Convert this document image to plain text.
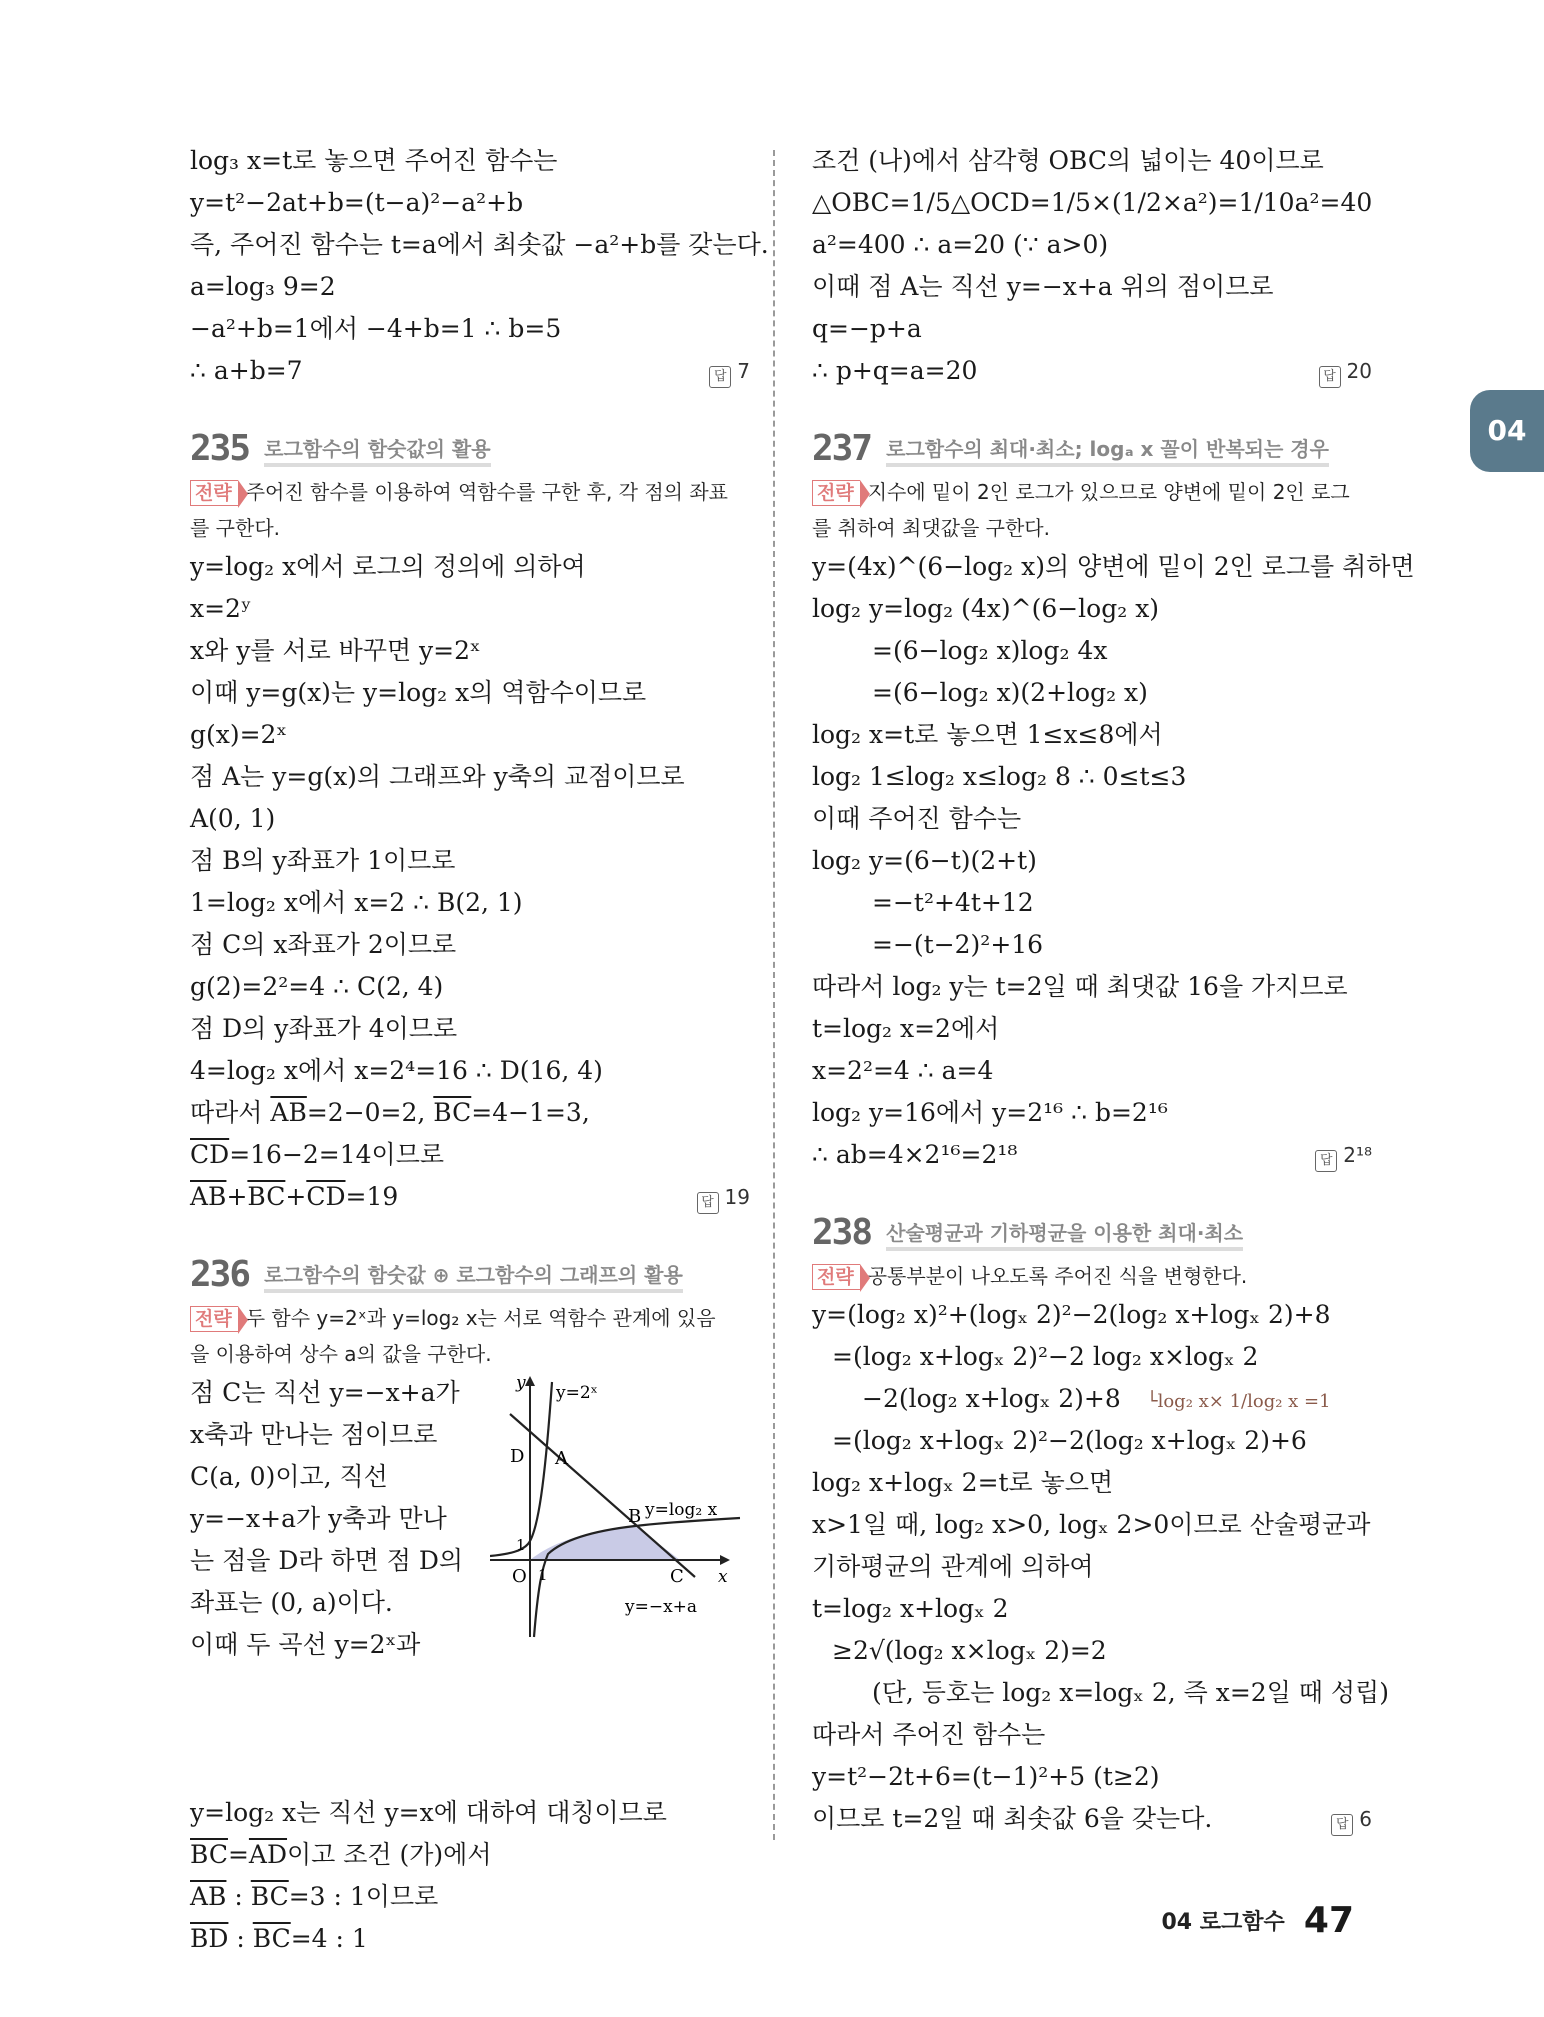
04
log₃ x=t로 놓으면 주어진 함수는
y=t²−2at+b=(t−a)²−a²+b
즉, 주어진 함수는 t=a에서 최솟값 −a²+b를 갖는다.
a=log₃ 9=2
−a²+b=1에서 −4+b=1 ∴ b=5
∴ a+b=7	답 7
235 로그함수의 함숫값의 활용
전략 주어진 함수를 이용하여 역함수를 구한 후, 각 점의 좌표
를 구한다.
y=log₂ x에서 로그의 정의에 의하여
x=2ʸ
x와 y를 서로 바꾸면 y=2ˣ
이때 y=g(x)는 y=log₂ x의 역함수이므로
g(x)=2ˣ
점 A는 y=g(x)의 그래프와 y축의 교점이므로
A(0, 1)
점 B의 y좌표가 1이므로
1=log₂ x에서 x=2 ∴ B(2, 1)
점 C의 x좌표가 2이므로
g(2)=2²=4 ∴ C(2, 4)
점 D의 y좌표가 4이므로
4=log₂ x에서 x=2⁴=16 ∴ D(16, 4)
따라서 $\overline{AB}=2-0=2$, $\overline{BC}=4-1=3$,
$\overline{CD}=16-2=14$이므로
$\overline{AB}+\overline{BC}+\overline{CD}=19$	답 19
236 로그함수의 함숫값 ⊕ 로그함수의 그래프의 활용
전략 두 함수 y=2ˣ과 y=log₂ x는 서로 역함수 관계에 있음
을 이용하여 상수 a의 값을 구한다.
점 C는 직선 y=−x+a가
x축과 만나는 점이므로
C(a, 0)이고, 직선
y=−x+a가 y축과 만나
는 점을 D라 하면 점 D의
좌표는 (0, a)이다.
이때 두 곡선 y=2ˣ과
y
x
y=2ˣ
y=log₂ x
y=−x+a
A
B
C
D
O
1
1
y=log₂ x는 직선 y=x에 대하여 대칭이므로
$\overline{BC}=\overline{AD}$이고 조건 (가)에서
$\overline{AB}$ : $\overline{BC}=3$ : 1이므로
$\overline{BD}$ : $\overline{BC}=4$ : 1
조건 (나)에서 삼각형 OBC의 넓이는 40이므로
△OBC=1/5△OCD=1/5×(1/2×a²)=1/10a²=40
a²=400 ∴ a=20 (∵ a>0)
이때 점 A는 직선 y=−x+a 위의 점이므로
q=−p+a
∴ p+q=a=20	답 20
237 로그함수의 최대·최소; logₐ x 꼴이 반복되는 경우
전략 지수에 밑이 2인 로그가 있으므로 양변에 밑이 2인 로그
를 취하여 최댓값을 구한다.
y=(4x)^(6−log₂ x)의 양변에 밑이 2인 로그를 취하면
log₂ y=log₂ (4x)^(6−log₂ x)
=(6−log₂ x)log₂ 4x
=(6−log₂ x)(2+log₂ x)
log₂ x=t로 놓으면 1≤x≤8에서
log₂ 1≤log₂ x≤log₂ 8 ∴ 0≤t≤3
이때 주어진 함수는
log₂ y=(6−t)(2+t)
=−t²+4t+12
=−(t−2)²+16
따라서 log₂ y는 t=2일 때 최댓값 16을 가지므로
t=log₂ x=2에서
x=2²=4 ∴ a=4
log₂ y=16에서 y=2¹⁶ ∴ b=2¹⁶
∴ ab=4×2¹⁶=2¹⁸	답 2¹⁸
238 산술평균과 기하평균을 이용한 최대·최소
전략 공통부분이 나오도록 주어진 식을 변형한다.
y=(log₂ x)²+(logₓ 2)²−2(log₂ x+logₓ 2)+8
=(log₂ x+logₓ 2)²−2 log₂ x×logₓ 2
−2(log₂ x+logₓ 2)+8 └log₂ x× 1/log₂ x =1
=(log₂ x+logₓ 2)²−2(log₂ x+logₓ 2)+6
log₂ x+logₓ 2=t로 놓으면
x>1일 때, log₂ x>0, logₓ 2>0이므로 산술평균과
기하평균의 관계에 의하여
t=log₂ x+logₓ 2
≥2√(log₂ x×logₓ 2)=2
(단, 등호는 log₂ x=logₓ 2, 즉 x=2일 때 성립)
따라서 주어진 함수는
y=t²−2t+6=(t−1)²+5 (t≥2)
이므로 t=2일 때 최솟값 6을 갖는다.	답 6
04 로그함수 47
